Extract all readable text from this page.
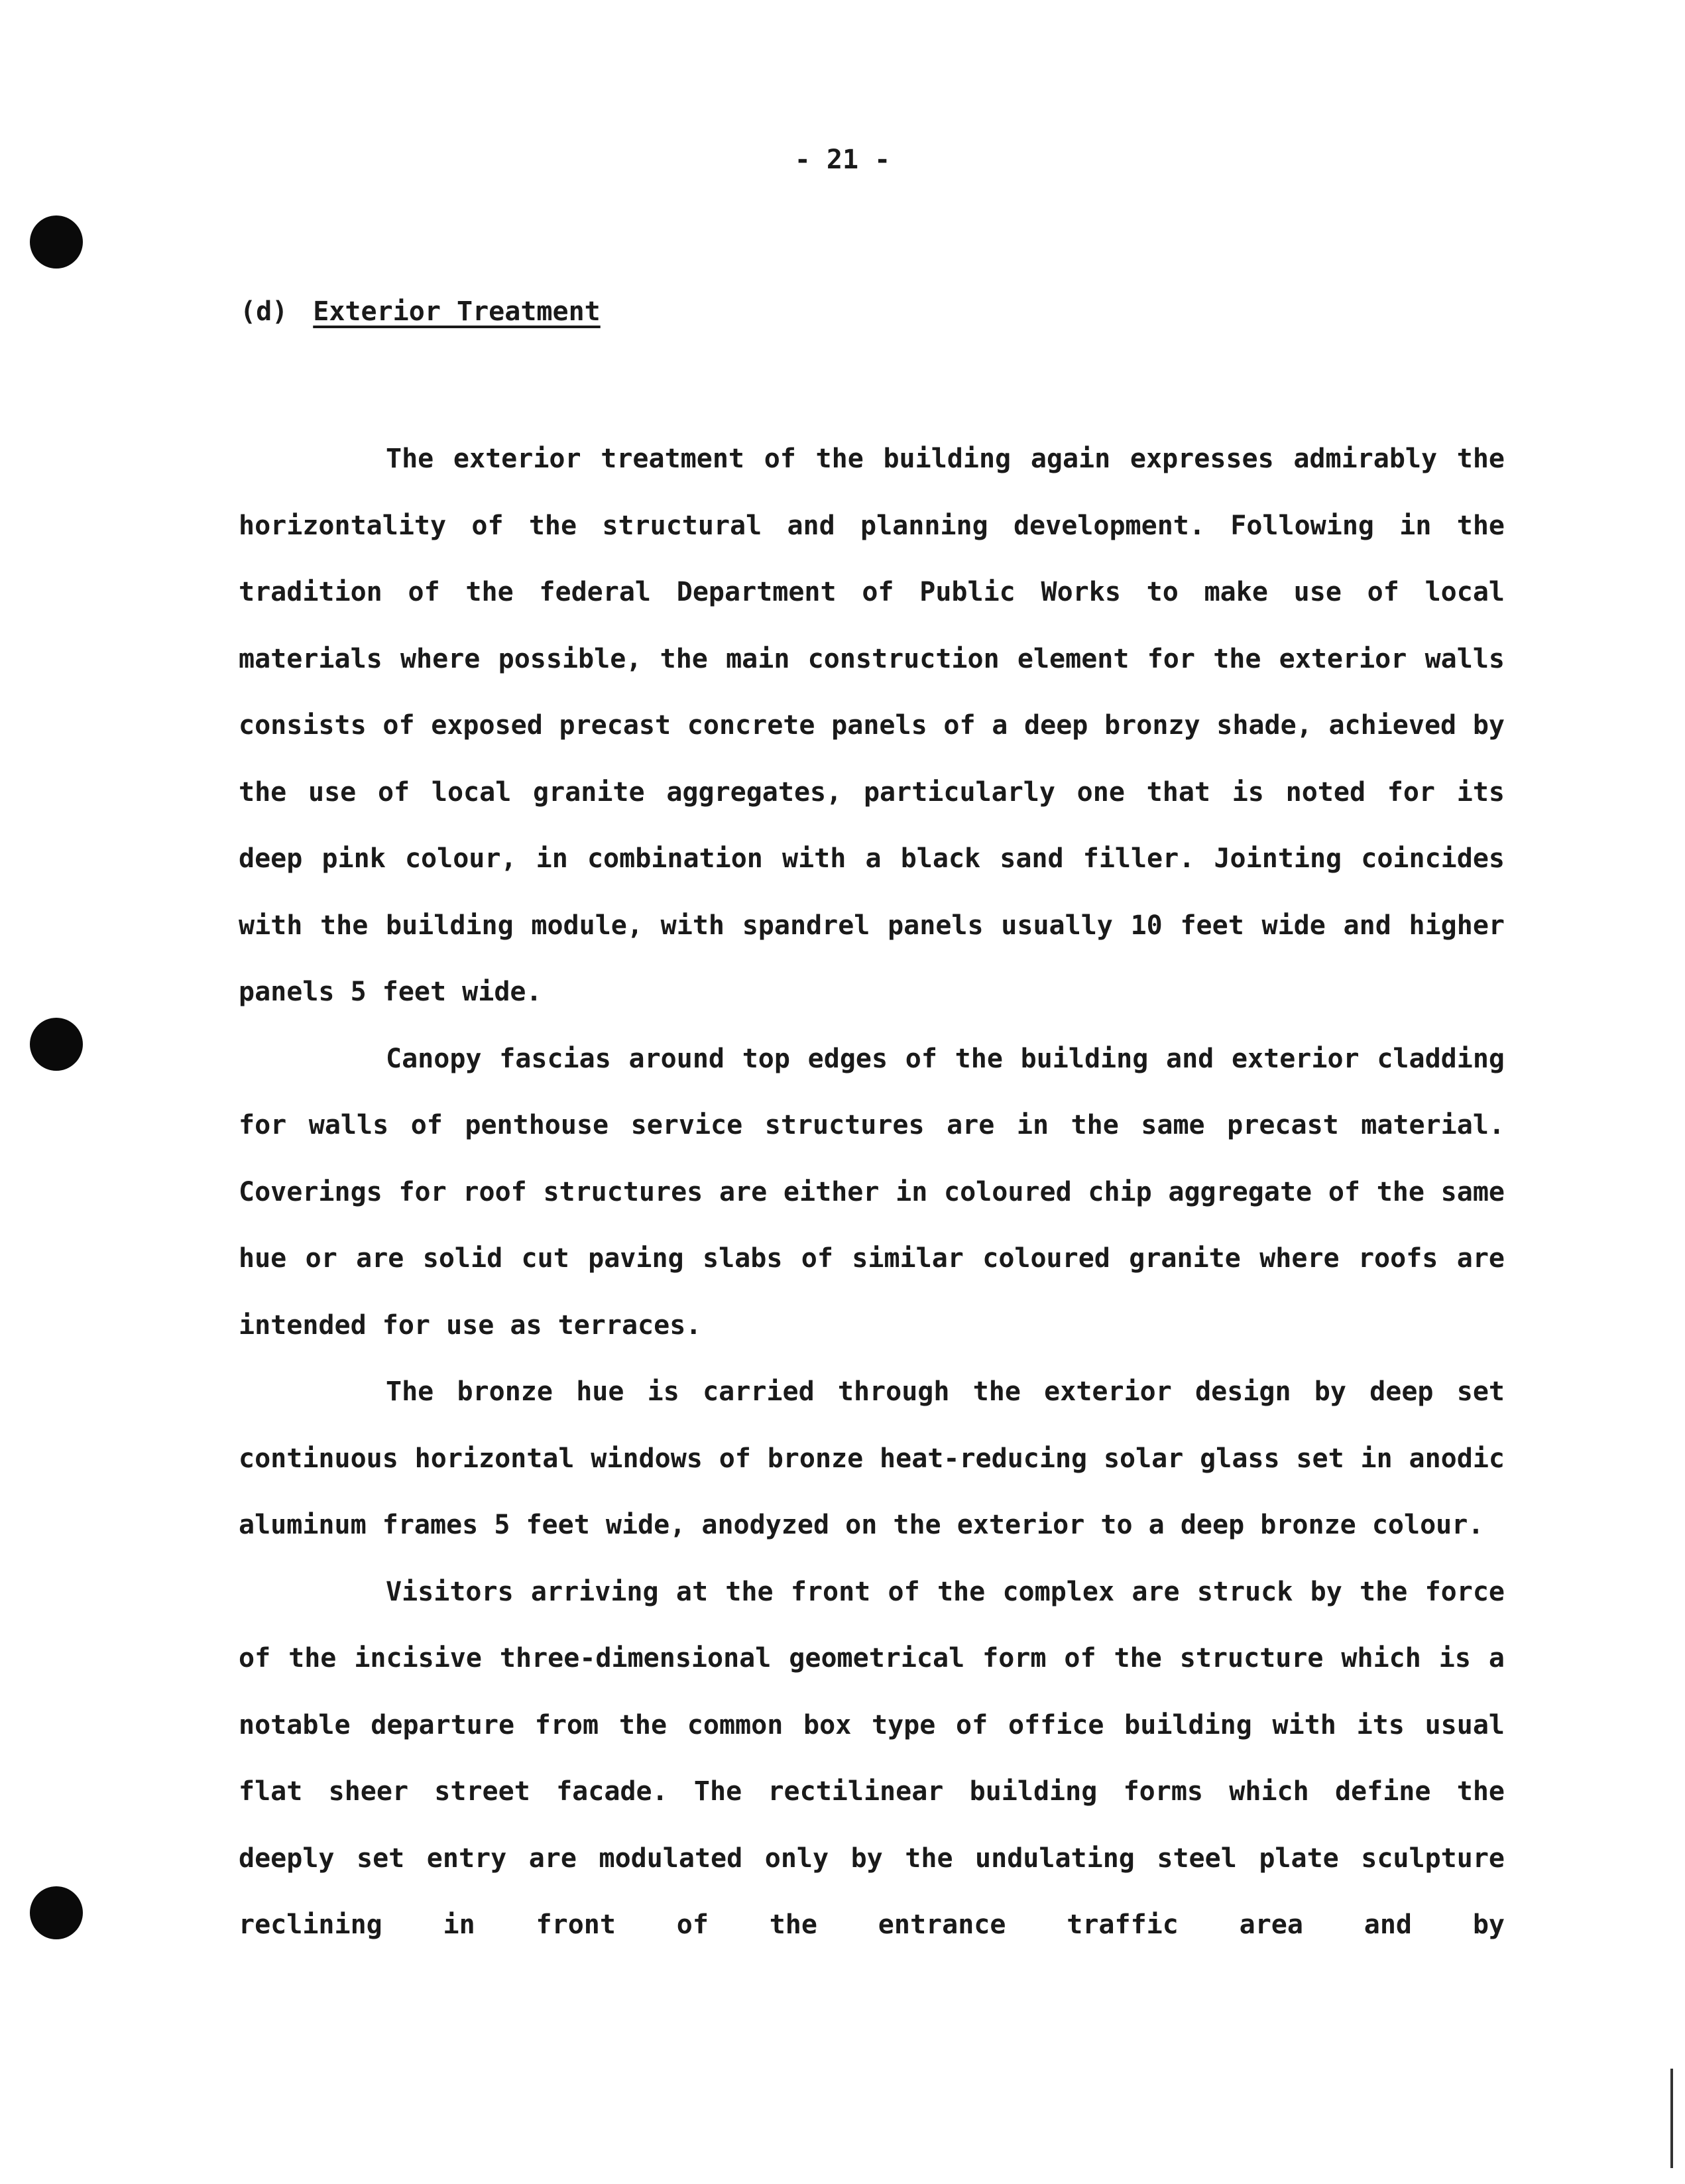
- 21 -
(d) Exterior Treatment

The exterior treatment of the building again expresses admirably the horizontality of the structural and planning development. Following in the tradition of the federal Department of Public Works to make use of local materials where possible, the main construction element for the exterior walls consists of exposed precast concrete panels of a deep bronzy shade, achieved by the use of local granite aggregates, particularly one that is noted for its deep pink colour, in combination with a black sand filler. Jointing coincides with the building module, with spandrel panels usually 10 feet wide and higher panels 5 feet wide.

Canopy fascias around top edges of the building and exterior cladding for walls of penthouse service structures are in the same precast material. Coverings for roof structures are either in coloured chip aggregate of the same hue or are solid cut paving slabs of similar coloured granite where roofs are intended for use as terraces.

The bronze hue is carried through the exterior design by deep set continuous horizontal windows of bronze heat-reducing solar glass set in anodic aluminum frames 5 feet wide, anodyzed on the exterior to a deep bronze colour.

Visitors arriving at the front of the complex are struck by the force of the incisive three-dimensional geometrical form of the structure which is a notable departure from the common box type of office building with its usual flat sheer street facade. The rectilinear building forms which define the deeply set entry are modulated only by the undulating steel plate sculpture reclining in front of the entrance traffic area and by
